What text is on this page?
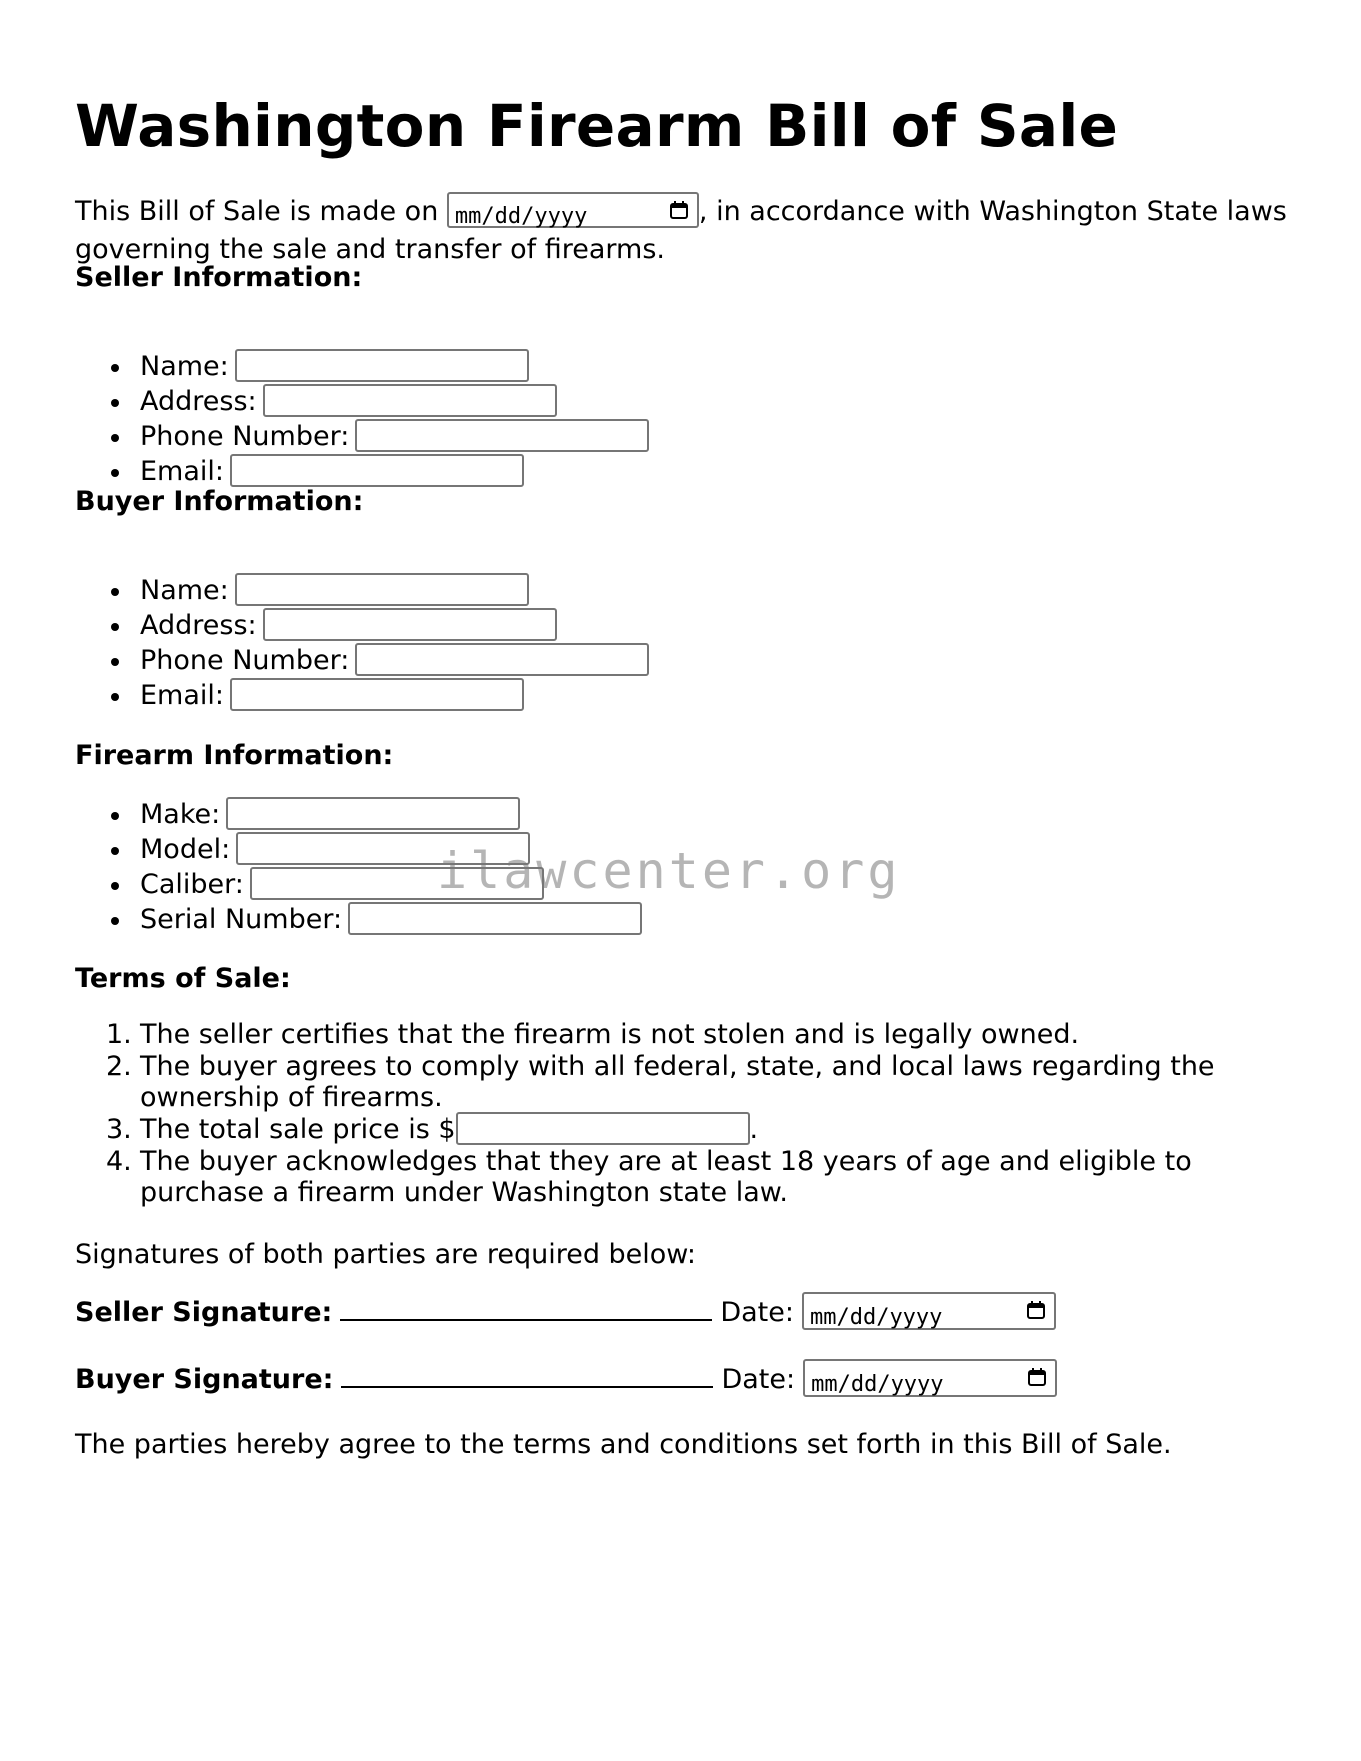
Washington Firearm Bill of Sale
This Bill of Sale is made on mm/dd/yyyy	, in accordance with Washington State laws governing the sale and transfer of firearms.
Seller Information:
Name:
Address:
Phone Number:
Email:
Buyer Information:
Name:
Address:
Phone Number:
Email:
Firearm Information:
Make:
Model:
Caliber:
Serial Number:
Terms of Sale:
1. The seller certifies that the firearm is not stolen and is legally owned.
2. The buyer agrees to comply with all federal, state, and local laws regarding the ownership of firearms.
3. The total sale price is $	.
4. The buyer acknowledges that they are at least 18 years of age and eligible to purchase a firearm under Washington state law.
Signatures of both parties are required below:
Seller Signature:	Date: mm/dd/yyyy
Buyer Signature:	Date: mm/dd/yyyy
The parties hereby agree to the terms and conditions set forth in this Bill of Sale.
ilawcenter.org
